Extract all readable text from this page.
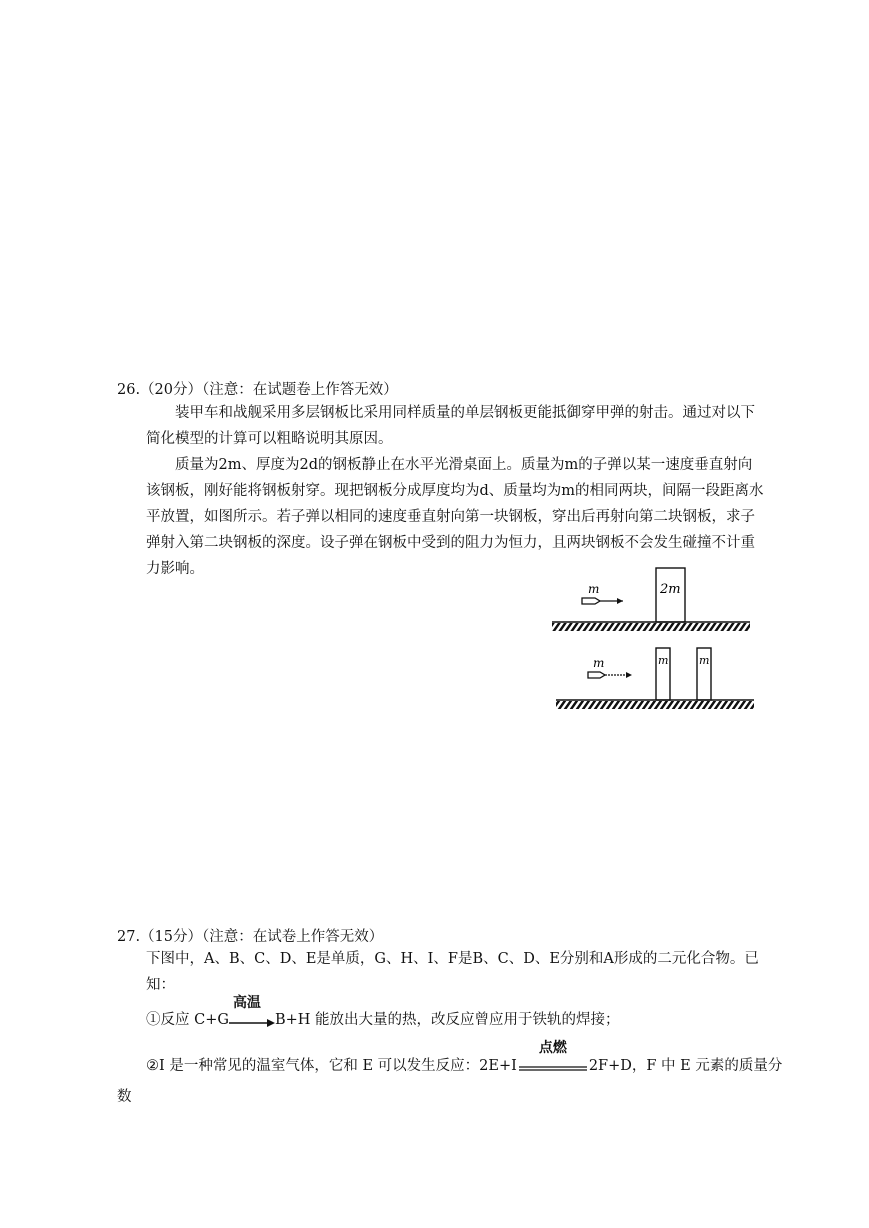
26.（20分）（注意：在试题卷上作答无效）
装甲车和战舰采用多层钢板比采用同样质量的单层钢板更能抵御穿甲弹的射击。通过对以下简化模型的计算可以粗略说明其原因。
质量为2m、厚度为2d的钢板静止在水平光滑桌面上。质量为m的子弹以某一速度垂直射向该钢板，刚好能将钢板射穿。现把钢板分成厚度均为d、质量均为m的相同两块，间隔一段距离水平放置，如图所示。若子弹以相同的速度垂直射向第一块钢板，穿出后再射向第二块钢板，求子弹射入第二块钢板的深度。设子弹在钢板中受到的阻力为恒力，且两块钢板不会发生碰撞不计重力影响。
m	2m
m	m	m
27.（15分）（注意：在试卷上作答无效）
下图中，A、B、C、D、E是单质，G、H、I、F是B、C、D、E分别和A形成的二元化合物。已知：
①反应 C+G
高温
B+H 能放出大量的热，改反应曾应用于铁轨的焊接；
②I 是一种常见的温室气体，它和 E 可以发生反应：2E+I
点燃
2F+D，F 中 E 元素的质量分
数
